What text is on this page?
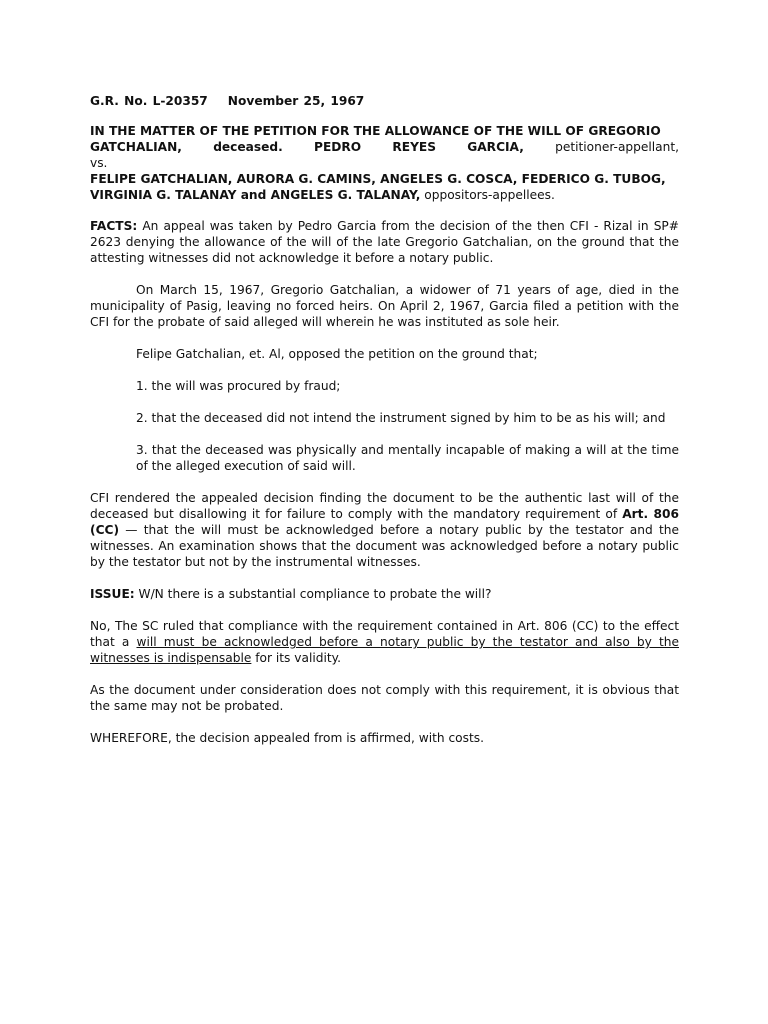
G.R. No. L-20357 November 25, 1967
IN THE MATTER OF THE PETITION FOR THE ALLOWANCE OF THE WILL OF GREGORIO
GATCHALIAN,	deceased.	PEDRO	REYES	GARCIA,	petitioner-appellant,
vs.
FELIPE GATCHALIAN, AURORA G. CAMINS, ANGELES G. COSCA, FEDERICO G. TUBOG,
VIRGINIA G. TALANAY and ANGELES G. TALANAY, oppositors-appellees.

FACTS: An appeal was taken by Pedro Garcia from the decision of the then CFI - Rizal in SP# 2623 denying the allowance of the will of the late Gregorio Gatchalian, on the ground that the attesting witnesses did not acknowledge it before a notary public.

On March 15, 1967, Gregorio Gatchalian, a widower of 71 years of age, died in the municipality of Pasig, leaving no forced heirs. On April 2, 1967, Garcia filed a petition with the CFI for the probate of said alleged will wherein he was instituted as sole heir.

Felipe Gatchalian, et. Al, opposed the petition on the ground that;

1. the will was procured by fraud;

2. that the deceased did not intend the instrument signed by him to be as his will; and

3. that the deceased was physically and mentally incapable of making a will at the time of the alleged execution of said will.

CFI rendered the appealed decision finding the document to be the authentic last will of the deceased but disallowing it for failure to comply with the mandatory requirement of Art. 806 (CC) — that the will must be acknowledged before a notary public by the testator and the witnesses. An examination shows that the document was acknowledged before a notary public by the testator but not by the instrumental witnesses.

ISSUE: W/N there is a substantial compliance to probate the will?

No, The SC ruled that compliance with the requirement contained in Art. 806 (CC) to the effect that a will must be acknowledged before a notary public by the testator and also by the witnesses is indispensable for its validity.

As the document under consideration does not comply with this requirement, it is obvious that the same may not be probated.

WHEREFORE, the decision appealed from is affirmed, with costs.
